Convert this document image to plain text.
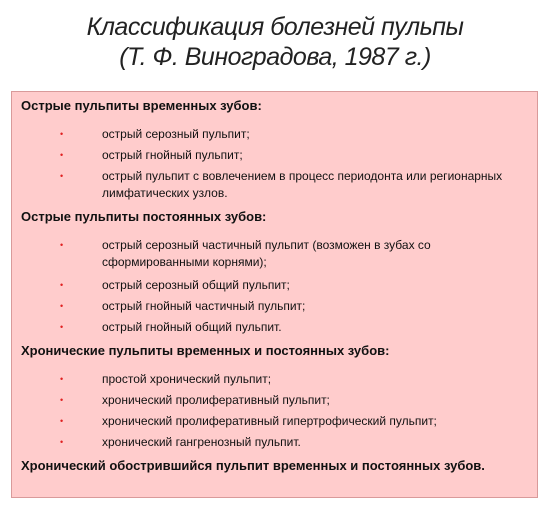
Классификация болезней пульпы
(Т. Ф. Виноградова, 1987 г.)
Острые пульпиты временных зубов:
•	острый серозный пульпит;
•	острый гнойный пульпит;
•	острый пульпит с вовлечением в процесс периодонта или регионарных лимфатических узлов.
Острые пульпиты постоянных зубов:
•	острый серозный частичный пульпит (возможен в зубах со сформированными корнями);
•	острый серозный общий пульпит;
•	острый гнойный частичный пульпит;
•	острый гнойный общий пульпит.
Хронические пульпиты временных и постоянных зубов:
•	простой хронический пульпит;
•	хронический пролиферативный пульпит;
•	хронический пролиферативный гипертрофический пульпит;
•	хронический гангренозный пульпит.
Хронический обострившийся пульпит временных и постоянных зубов.
